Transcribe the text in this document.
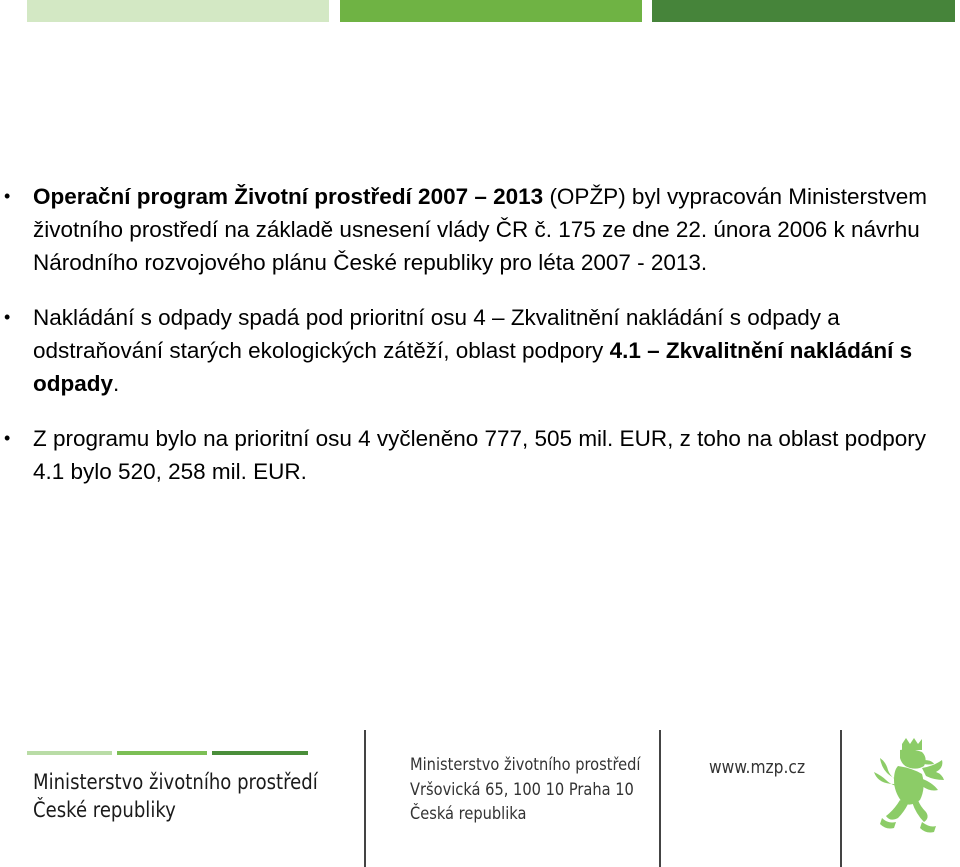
• Operační program Životní prostředí 2007 – 2013 (OPŽP) byl vypracován Ministerstvem životního prostředí na základě usnesení vlády ČR č. 175 ze dne 22. února 2006 k návrhu Národního rozvojového plánu České republiky pro léta 2007 - 2013.
• Nakládání s odpady spadá pod prioritní osu 4 – Zkvalitnění nakládání s odpady a odstraňování starých ekologických zátěží, oblast podpory 4.1 – Zkvalitnění nakládání s odpady.
• Z programu bylo na prioritní osu 4 vyčleněno 777, 505 mil. EUR, z toho na oblast podpory 4.1 bylo 520, 258 mil. EUR.
Ministerstvo životního prostředí
České republiky
Ministerstvo životního prostředí
Vršovická 65, 100 10 Praha 10
Česká republika
www.mzp.cz
